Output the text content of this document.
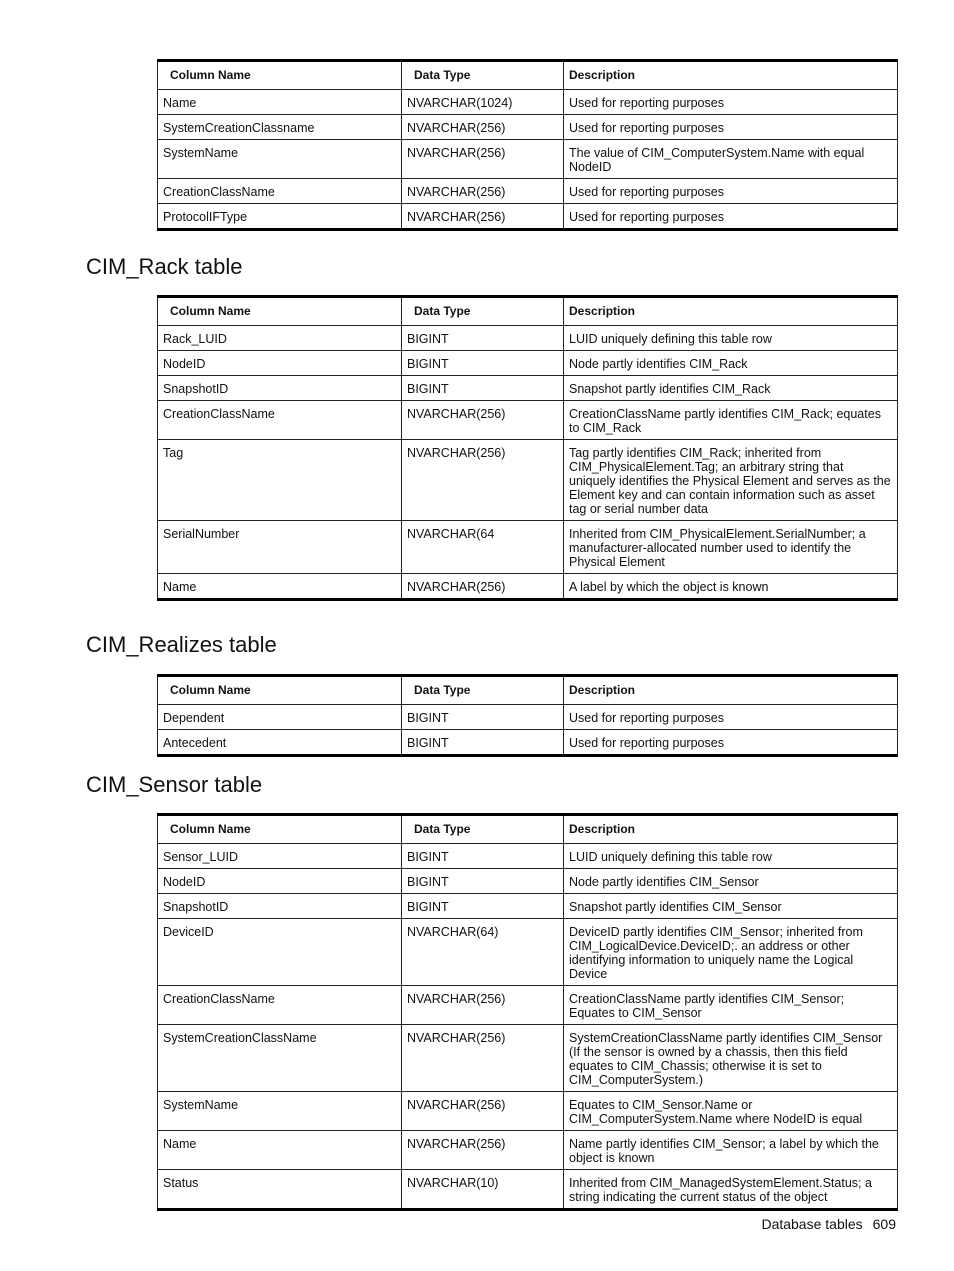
CIM_Rack table
CIM_Realizes table
CIM_Sensor table
Column Name	Data Type	Description
Name	NVARCHAR(1024)	Used for reporting purposes
SystemCreationClassname	NVARCHAR(256)	Used for reporting purposes
SystemName	NVARCHAR(256)	The value of CIM_ComputerSystem.Name with equal NodeID
CreationClassName	NVARCHAR(256)	Used for reporting purposes
ProtocolIFType	NVARCHAR(256)	Used for reporting purposes
Column Name	Data Type	Description
Rack_LUID	BIGINT	LUID uniquely defining this table row
NodeID	BIGINT	Node partly identifies CIM_Rack
SnapshotID	BIGINT	Snapshot partly identifies CIM_Rack
CreationClassName	NVARCHAR(256)	CreationClassName partly identifies CIM_Rack; equates to CIM_Rack
Tag	NVARCHAR(256)	Tag partly identifies CIM_Rack; inherited from CIM_PhysicalElement.Tag; an arbitrary string that uniquely identifies the Physical Element and serves as the Element key and can contain information such as asset tag or serial number data
SerialNumber	NVARCHAR(64	Inherited from CIM_PhysicalElement.SerialNumber; a manufacturer-allocated number used to identify the Physical Element
Name	NVARCHAR(256)	A label by which the object is known
Column Name	Data Type	Description
Dependent	BIGINT	Used for reporting purposes
Antecedent	BIGINT	Used for reporting purposes
Column Name	Data Type	Description
Sensor_LUID	BIGINT	LUID uniquely defining this table row
NodeID	BIGINT	Node partly identifies CIM_Sensor
SnapshotID	BIGINT	Snapshot partly identifies CIM_Sensor
DeviceID	NVARCHAR(64)	DeviceID partly identifies CIM_Sensor; inherited from CIM_LogicalDevice.DeviceID;. an address or other identifying information to uniquely name the Logical Device
CreationClassName	NVARCHAR(256)	CreationClassName partly identifies CIM_Sensor; Equates to CIM_Sensor
SystemCreationClassName	NVARCHAR(256)	SystemCreationClassName partly identifies CIM_Sensor (If the sensor is owned by a chassis, then this field equates to CIM_Chassis; otherwise it is set to CIM_ComputerSystem.)
SystemName	NVARCHAR(256)	Equates to CIM_Sensor.Name or CIM_ComputerSystem.Name where NodeID is equal
Name	NVARCHAR(256)	Name partly identifies CIM_Sensor; a label by which the object is known
Status	NVARCHAR(10)	Inherited from CIM_ManagedSystemElement.Status; a string indicating the current status of the object
Database tables 609
